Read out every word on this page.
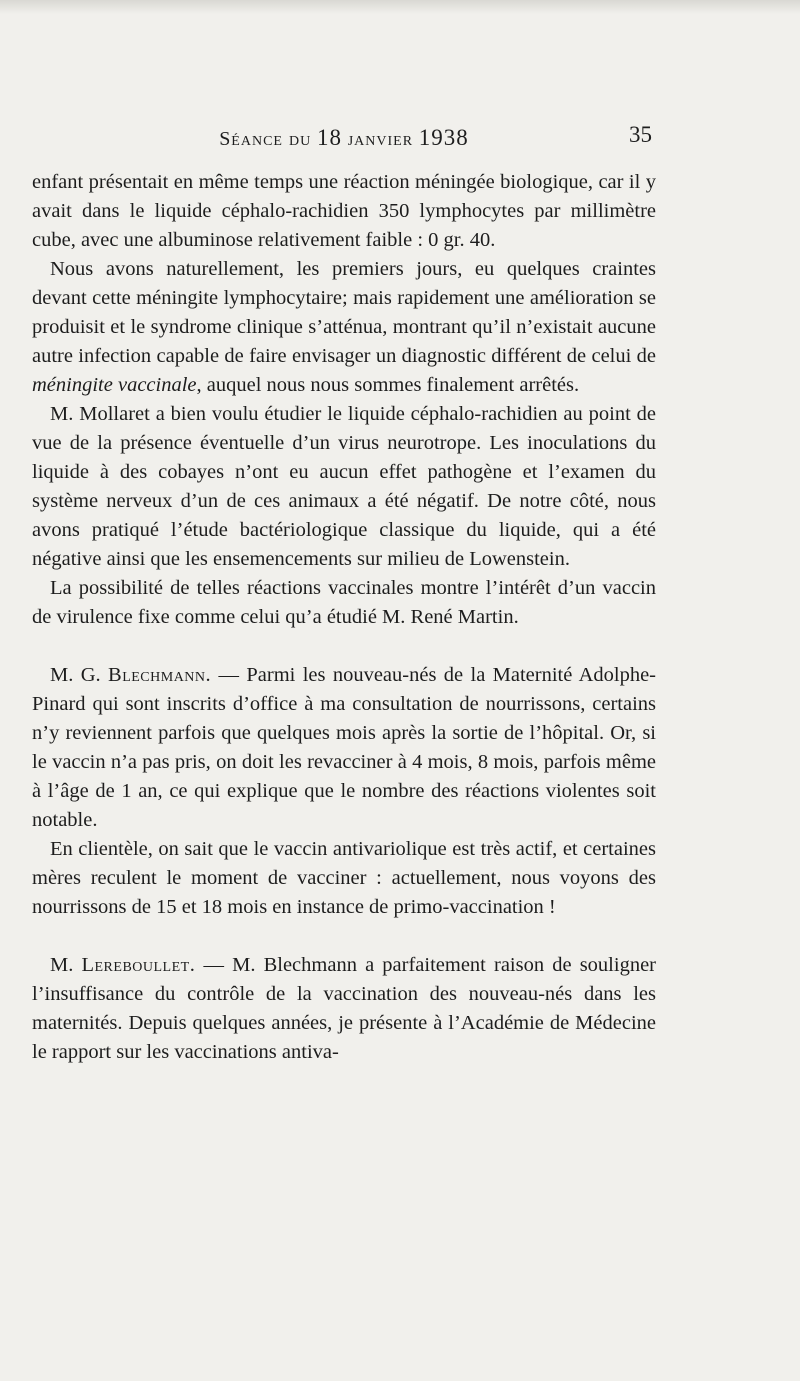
Séance du 18 janvier 1938	35

enfant présentait en même temps une réaction méningée biologique, car il y avait dans le liquide céphalo-rachidien 350 lymphocytes par millimètre cube, avec une albuminose relativement faible : 0 gr. 40.

Nous avons naturellement, les premiers jours, eu quelques craintes devant cette méningite lymphocytaire; mais rapidement une amélioration se produisit et le syndrome clinique s’atténua, montrant qu’il n’existait aucune autre infection capable de faire envisager un diagnostic différent de celui de méningite vaccinale, auquel nous nous sommes finalement arrêtés.

M. Mollaret a bien voulu étudier le liquide céphalo-rachidien au point de vue de la présence éventuelle d’un virus neurotrope. Les inoculations du liquide à des cobayes n’ont eu aucun effet pathogène et l’examen du système nerveux d’un de ces animaux a été négatif. De notre côté, nous avons pratiqué l’étude bactériologique classique du liquide, qui a été négative ainsi que les ensemencements sur milieu de Lowenstein.

La possibilité de telles réactions vaccinales montre l’intérêt d’un vaccin de virulence fixe comme celui qu’a étudié M. René Martin.

M. G. Blechmann. — Parmi les nouveau-nés de la Maternité Adolphe-Pinard qui sont inscrits d’office à ma consultation de nourrissons, certains n’y reviennent parfois que quelques mois après la sortie de l’hôpital. Or, si le vaccin n’a pas pris, on doit les revacciner à 4 mois, 8 mois, parfois même à l’âge de 1 an, ce qui explique que le nombre des réactions violentes soit notable.

En clientèle, on sait que le vaccin antivariolique est très actif, et certaines mères reculent le moment de vacciner : actuellement, nous voyons des nourrissons de 15 et 18 mois en instance de primo-vaccination !

M. Lereboullet. — M. Blechmann a parfaitement raison de souligner l’insuffisance du contrôle de la vaccination des nouveau-nés dans les maternités. Depuis quelques années, je présente à l’Académie de Médecine le rapport sur les vaccinations antiva-
